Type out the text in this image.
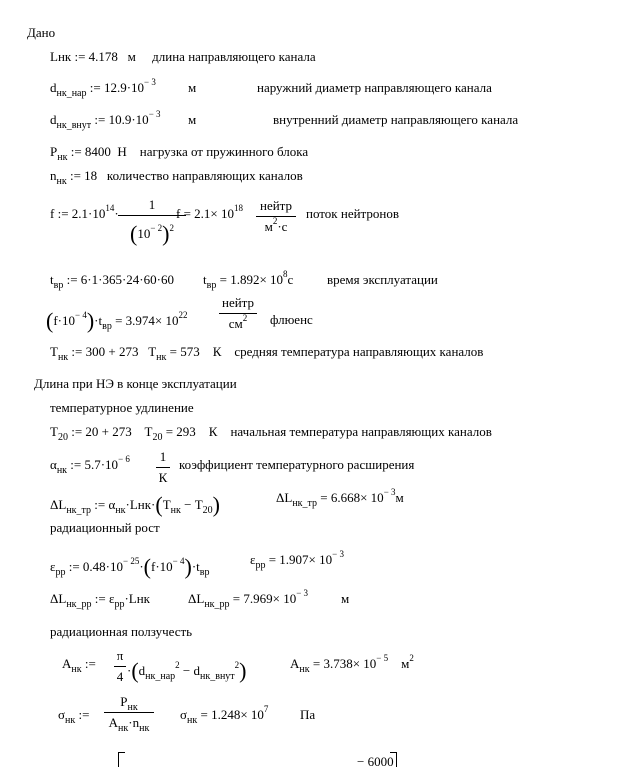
Дано
Lнк := 4.178 м длина направляющего канала
$d_{нк\_нар}$ := $12.9\cdot 10^{- 3}$ м	наружний диаметр направляющего канала
$d_{нк\_внут}$ := $10.9\cdot 10^{- 3}$ м	внутренний диаметр направляющего канала
$P_{нк}$ := 8400 Н нагрузка от пружинного блока
$n_{нк}$ := 18 количество направляющих каналов
f := $2.1\cdot 10^{14}\cdot$
1
$(10^{- 2})^2$
$f = 2.1\times 10^{18}$	нейтр
$м^2\cdot с$
поток нейтронов
$t_{вр}$ := 6·1·365·24·60·60 $t_{вр} = 1.892\times 10^8с$	время эксплуатации
$(f\cdot 10^{- 4})\cdot t_{вр} = 3.974\times 10^{22}$
нейтр
$см^2$	флюенс
$T_{нк}$ := 300 + 273 $T_{нк} = 573$ К средняя температура направляющих каналов
Длина при НЭ в конце эксплуатации
температурное удлинение
$T_{20}$ := 20 + 273 $T_{20} = 293$ К начальная температура направляющих каналов
$\alpha_{нк}$ := $5.7\cdot 10^{- 6}$ 1
К
коэффициент температурного расширения
$\Delta L_{нк\_тр}$ := $\alpha_{нк}\cdot Lнк\cdot(T_{нк} - T_{20})$	$\Delta L_{нк\_тр} = 6.668\times 10^{- 3}м$
радиационный рост
$\varepsilon_{рр}$ := $0.48\cdot 10^{- 25}\cdot(f\cdot 10^{- 4})\cdot t_{вр}$
$\varepsilon_{рр} = 1.907\times 10^{- 3}$
$\Delta L_{нк\_рр}$ := $\varepsilon_{рр}\cdot Lнк$	$\Delta L_{нк\_рр} = 7.969\times 10^{- 3}$	м
радиационная ползучесть
$A_{нк}$ :=
π
$4 \cdot(d_{нк\_нар}^2 - d_{нк\_внут}^2)$	$A_{нк} = 3.738\times 10^{- 5}$ $м^2$
$\sigma_{нк}$ :=
$P_{нк}$
$A_{нк}\cdot n_{нк}$
$\sigma_{нк} = 1.248\times 10^7$ Па
− 6000
